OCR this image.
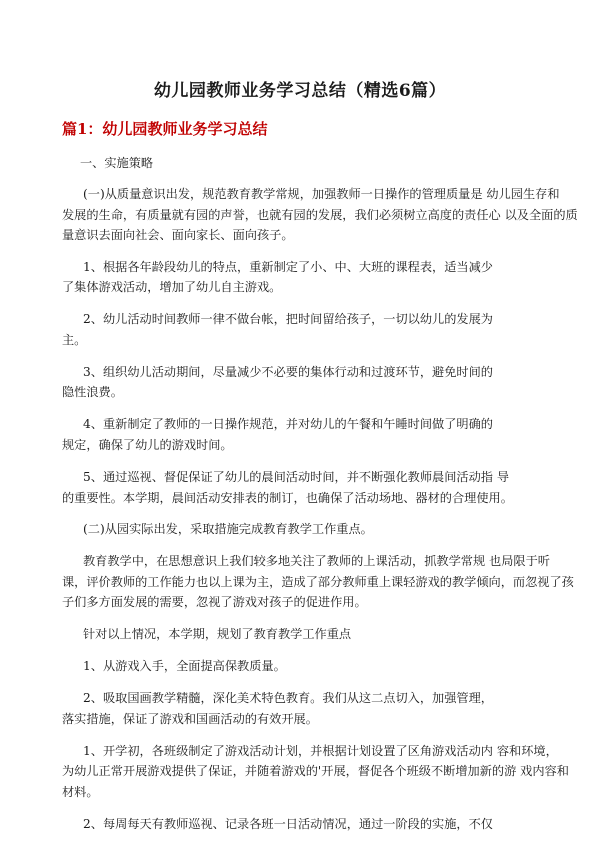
幼儿园教师业务学习总结（精选6篇）
篇1：幼儿园教师业务学习总结
一、实施策略
(一)从质量意识出发，规范教育教学常规，加强教师一日操作的管理质量是 幼儿园生存和
发展的生命，有质量就有园的声誉，也就有园的发展，我们必须树立高度的责任心 以及全面的质
量意识去面向社会、面向家长、面向孩子。
1、根据各年龄段幼儿的特点，重新制定了小、中、大班的课程表，适当减少
了集体游戏活动，增加了幼儿自主游戏。
2、幼儿活动时间教师一律不做台帐，把时间留给孩子，一切以幼儿的发展为
主。
3、组织幼儿活动期间，尽量减少不必要的集体行动和过渡环节，避免时间的
隐性浪费。
4、重新制定了教师的一日操作规范，并对幼儿的午餐和午睡时间做了明确的
规定，确保了幼儿的游戏时间。
5、通过巡视、督促保证了幼儿的晨间活动时间，并不断强化教师晨间活动指 导
的重要性。本学期，晨间活动安排表的制订，也确保了活动场地、器材的合理使用。
(二)从园实际出发，采取措施完成教育教学工作重点。
教育教学中，在思想意识上我们较多地关注了教师的上课活动，抓教学常规 也局限于听
课，评价教师的工作能力也以上课为主，造成了部分教师重上课轻游戏的教学倾向，而忽视了孩
子们多方面发展的需要，忽视了游戏对孩子的促进作用。
针对以上情况，本学期，规划了教育教学工作重点
1、从游戏入手，全面提高保教质量。
2、吸取国画教学精髓，深化美术特色教育。我们从这二点切入，加强管理，
落实措施，保证了游戏和国画活动的有效开展。
1、开学初，各班级制定了游戏活动计划，并根据计划设置了区角游戏活动内 容和环境，
为幼儿正常开展游戏提供了保证，并随着游戏的'开展，督促各个班级不断增加新的游 戏内容和
材料。
2、每周每天有教师巡视、记录各班一日活动情况，通过一阶段的实施，不仅
